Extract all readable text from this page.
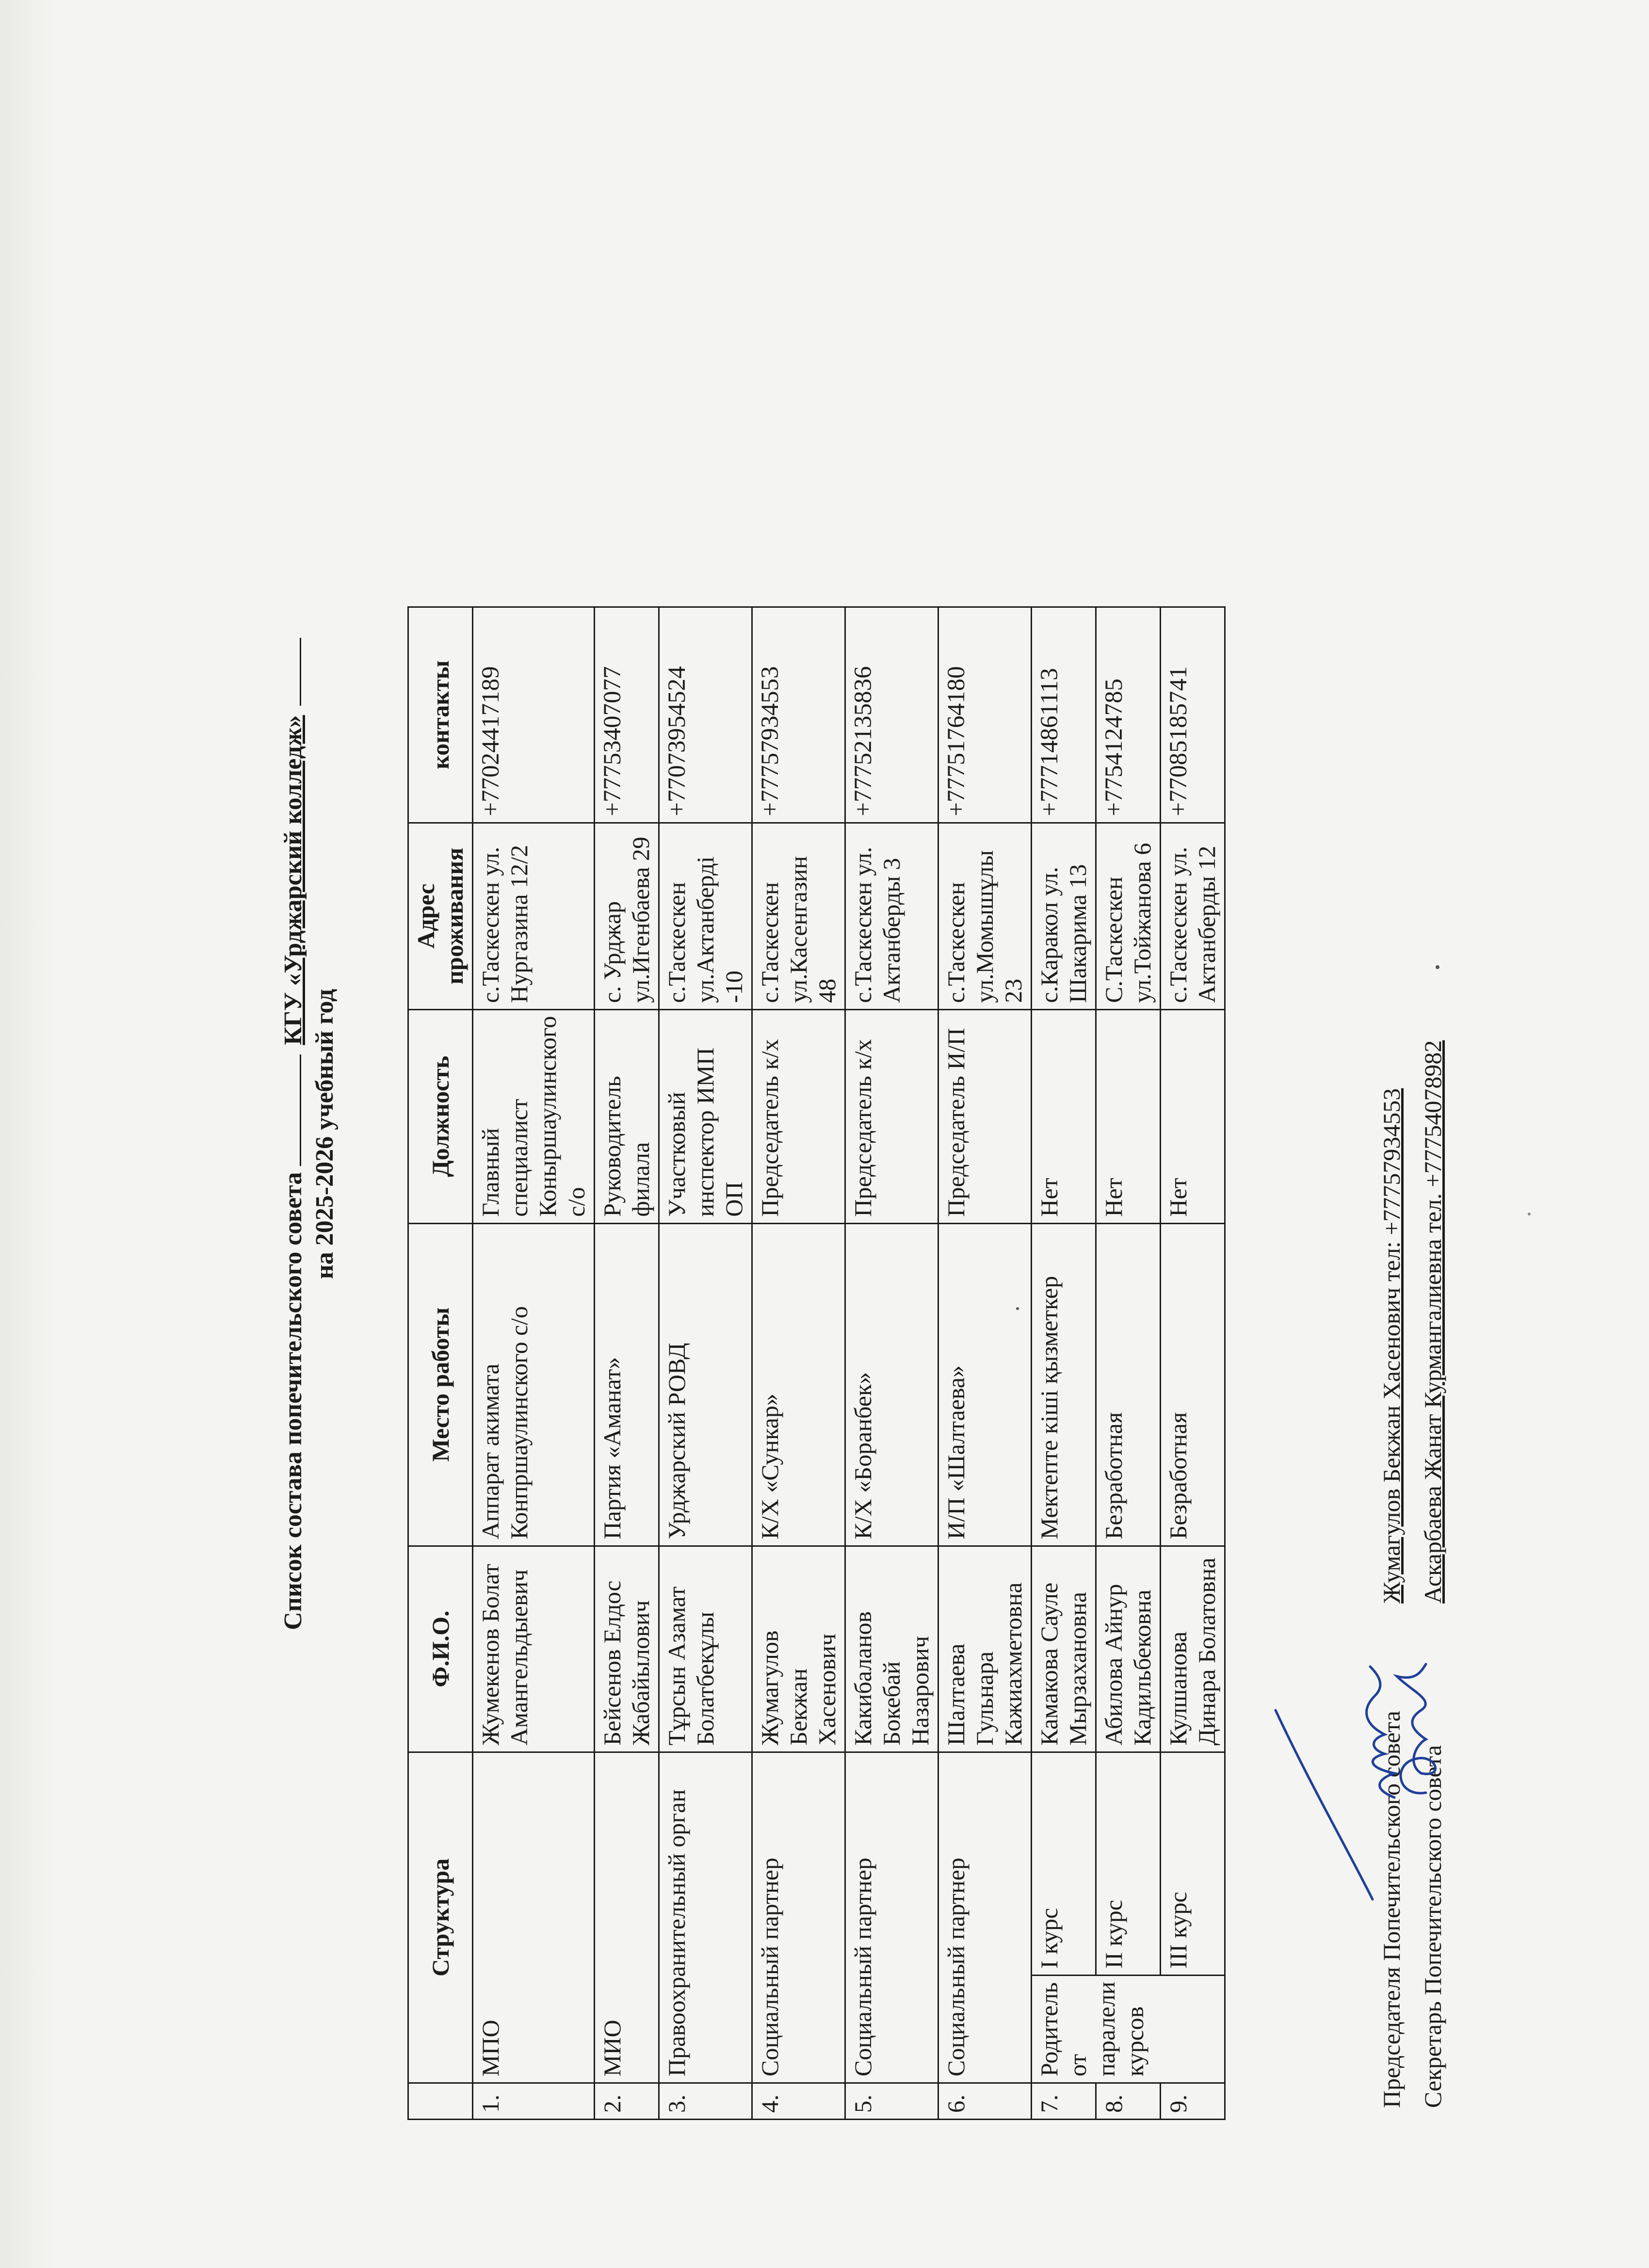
Список состава попечительского совета  КГУ «Урджарский колледж»
на 2025-2026 учебный год
	Структура		Ф.И.О.	Место работы	Должность	Адрес проживания	контакты
1.	МПО		Жумекенов Болат Амангельдыевич	Аппарат акимата Конпршаулинского с/о	Главный специалист Коныршаулинского с/о	с.Таскескен ул. Нургазина 12/2	+77024417189
2.	МИО		Бейсенов Елдос Жабайылович	Партия «Аманат»	Руководитель филала	с. Урджар ул.Игенбаева 29	+77753407077
3.	Правоохранительный орган		Тұрсын Азамат Болатбекұлы	Урджарский РОВД	Участковый инспектор ИМП ОП	с.Таскескен ул.Актанберді -10	+77073954524
4.	Социальный партнер		Жумагулов Бекжан Хасенович	К/Х «Сункар»	Председатель к/х	с.Таскескен ул.Касенгазин 48	+77757934553
5.	Социальный партнер		Какибаланов Бокебай Назарович	К/Х «Боранбек»	Председатель к/х	с.Таскескен ул. Актанберды 3	+77752135836
6.	Социальный партнер		Шалтаева Гульнара Кажиахметовна	И/П «Шалтаева»	Председатель И/П	с.Таскескен ул.Момышұлы 23	+77751764180
7.	Родитель от паралели курсов	I курс	Камакова Сауле Мырзахановна	Мектепте кіші қызметкер	Нет	с.Каракол ул. Шакарима 13	+77714861113
8.		II курс	Абилова Айнур Кадильбековна	Безработная	Нет	С.Таскескен ул.Тойжанова 6	+7754124785
9.		III курс	Кулшанова Динара Болатовна	Безработная	Нет	с.Таскескен ул. Актанберды 12	+77085185741
Председателя Попечительского совета
Жумагулов Бекжан Хасенович тел: +77757934553
Секретарь Попечительского совета
Аскарбаева Жанат Курмангалиевна тел. +77754078982
